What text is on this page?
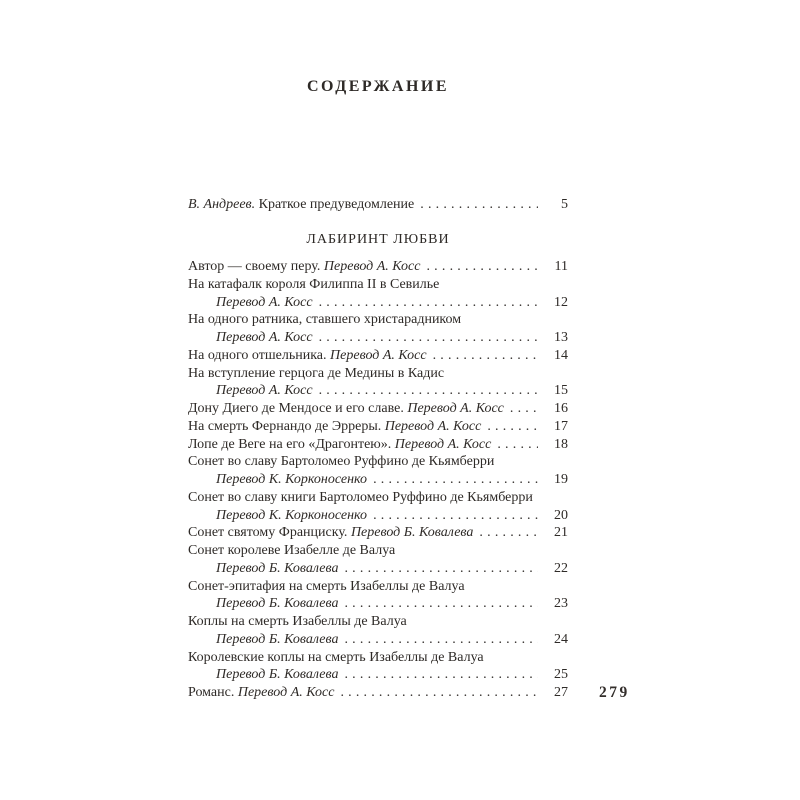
СОДЕРЖАНИЕ
В. Андреев. Краткое предуведомление .....	5
ЛАБИРИНТ ЛЮБВИ
Автор — своему перу. Перевод А. Косс .....	11
На катафалк короля Филиппа II в Севилье
Перевод А. Косс .....	12
На одного ратника, ставшего христарадником
Перевод А. Косс .....	13
На одного отшельника. Перевод А. Косс .....	14
На вступление герцога де Медины в Кадис
Перевод А. Косс .....	15
Дону Диего де Мендосе и его славе. Перевод А. Косс .....	16
На смерть Фернандо де Эрреры. Перевод А. Косс .....	17
Лопе де Веге на его «Драгонтею». Перевод А. Косс .....	18
Сонет во славу Бартоломео Руффино де Кьямберри
Перевод К. Корконосенко .....	19
Сонет во славу книги Бартоломео Руффино де Кьямберри
Перевод К. Корконосенко .....	20
Сонет святому Франциску. Перевод Б. Ковалева .....	21
Сонет королеве Изабелле де Валуа
Перевод Б. Ковалева .....	22
Сонет-эпитафия на смерть Изабеллы де Валуа
Перевод Б. Ковалева .....	23
Коплы на смерть Изабеллы де Валуа
Перевод Б. Ковалева .....	24
Королевские коплы на смерть Изабеллы де Валуа
Перевод Б. Ковалева .....	25
Романс. Перевод А. Косс .....	27 279
